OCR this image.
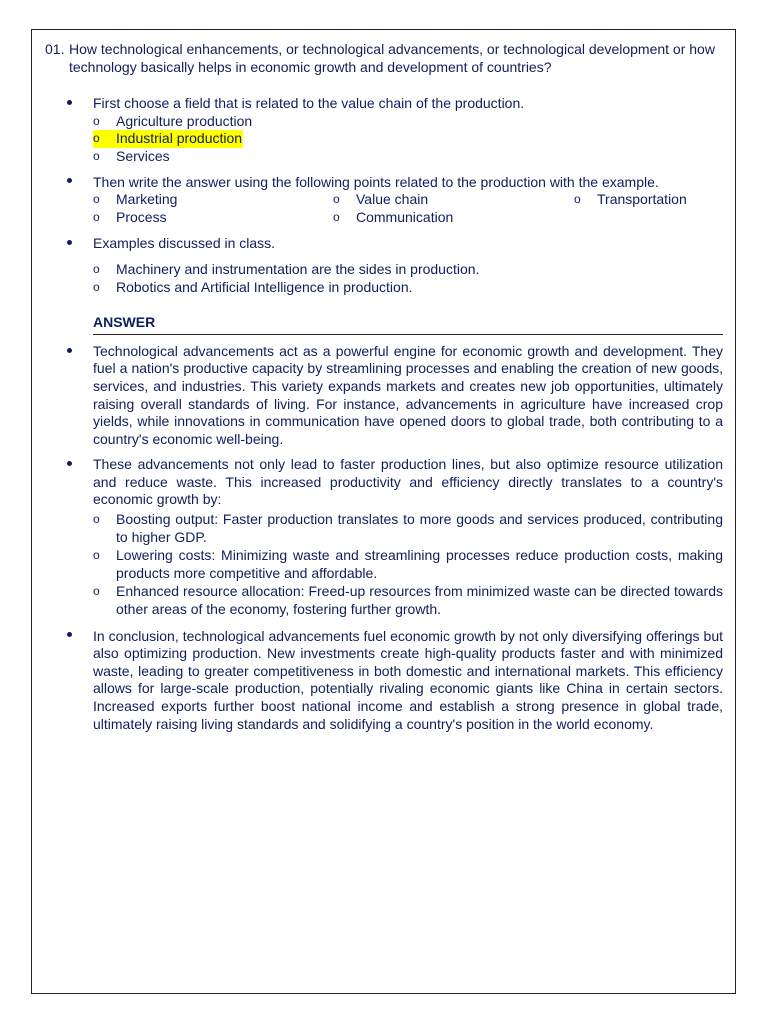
01. How technological enhancements, or technological advancements, or technological development or how technology basically helps in economic growth and development of countries?
First choose a field that is related to the value chain of the production.
o	Agriculture production
o	Industrial production
o	Services
Then write the answer using the following points related to the production with the example.
o	Marketing	o	Value chain	o	Transportation
o	Process	o	Communication
Examples discussed in class.
o	Machinery and instrumentation are the sides in production.
o	Robotics and Artificial Intelligence in production.
ANSWER
Technological advancements act as a powerful engine for economic growth and development. They fuel a nation's productive capacity by streamlining processes and enabling the creation of new goods, services, and industries. This variety expands markets and creates new job opportunities, ultimately raising overall standards of living. For instance, advancements in agriculture have increased crop yields, while innovations in communication have opened doors to global trade, both contributing to a country's economic well-being.
These advancements not only lead to faster production lines, but also optimize resource utilization and reduce waste. This increased productivity and efficiency directly translates to a country's economic growth by:
o	Boosting output: Faster production translates to more goods and services produced, contributing to higher GDP.
o	Lowering costs: Minimizing waste and streamlining processes reduce production costs, making products more competitive and affordable.
o	Enhanced resource allocation: Freed-up resources from minimized waste can be directed towards other areas of the economy, fostering further growth.
In conclusion, technological advancements fuel economic growth by not only diversifying offerings but also optimizing production. New investments create high-quality products faster and with minimized waste, leading to greater competitiveness in both domestic and international markets. This efficiency allows for large-scale production, potentially rivaling economic giants like China in certain sectors. Increased exports further boost national income and establish a strong presence in global trade, ultimately raising living standards and solidifying a country's position in the world economy.
